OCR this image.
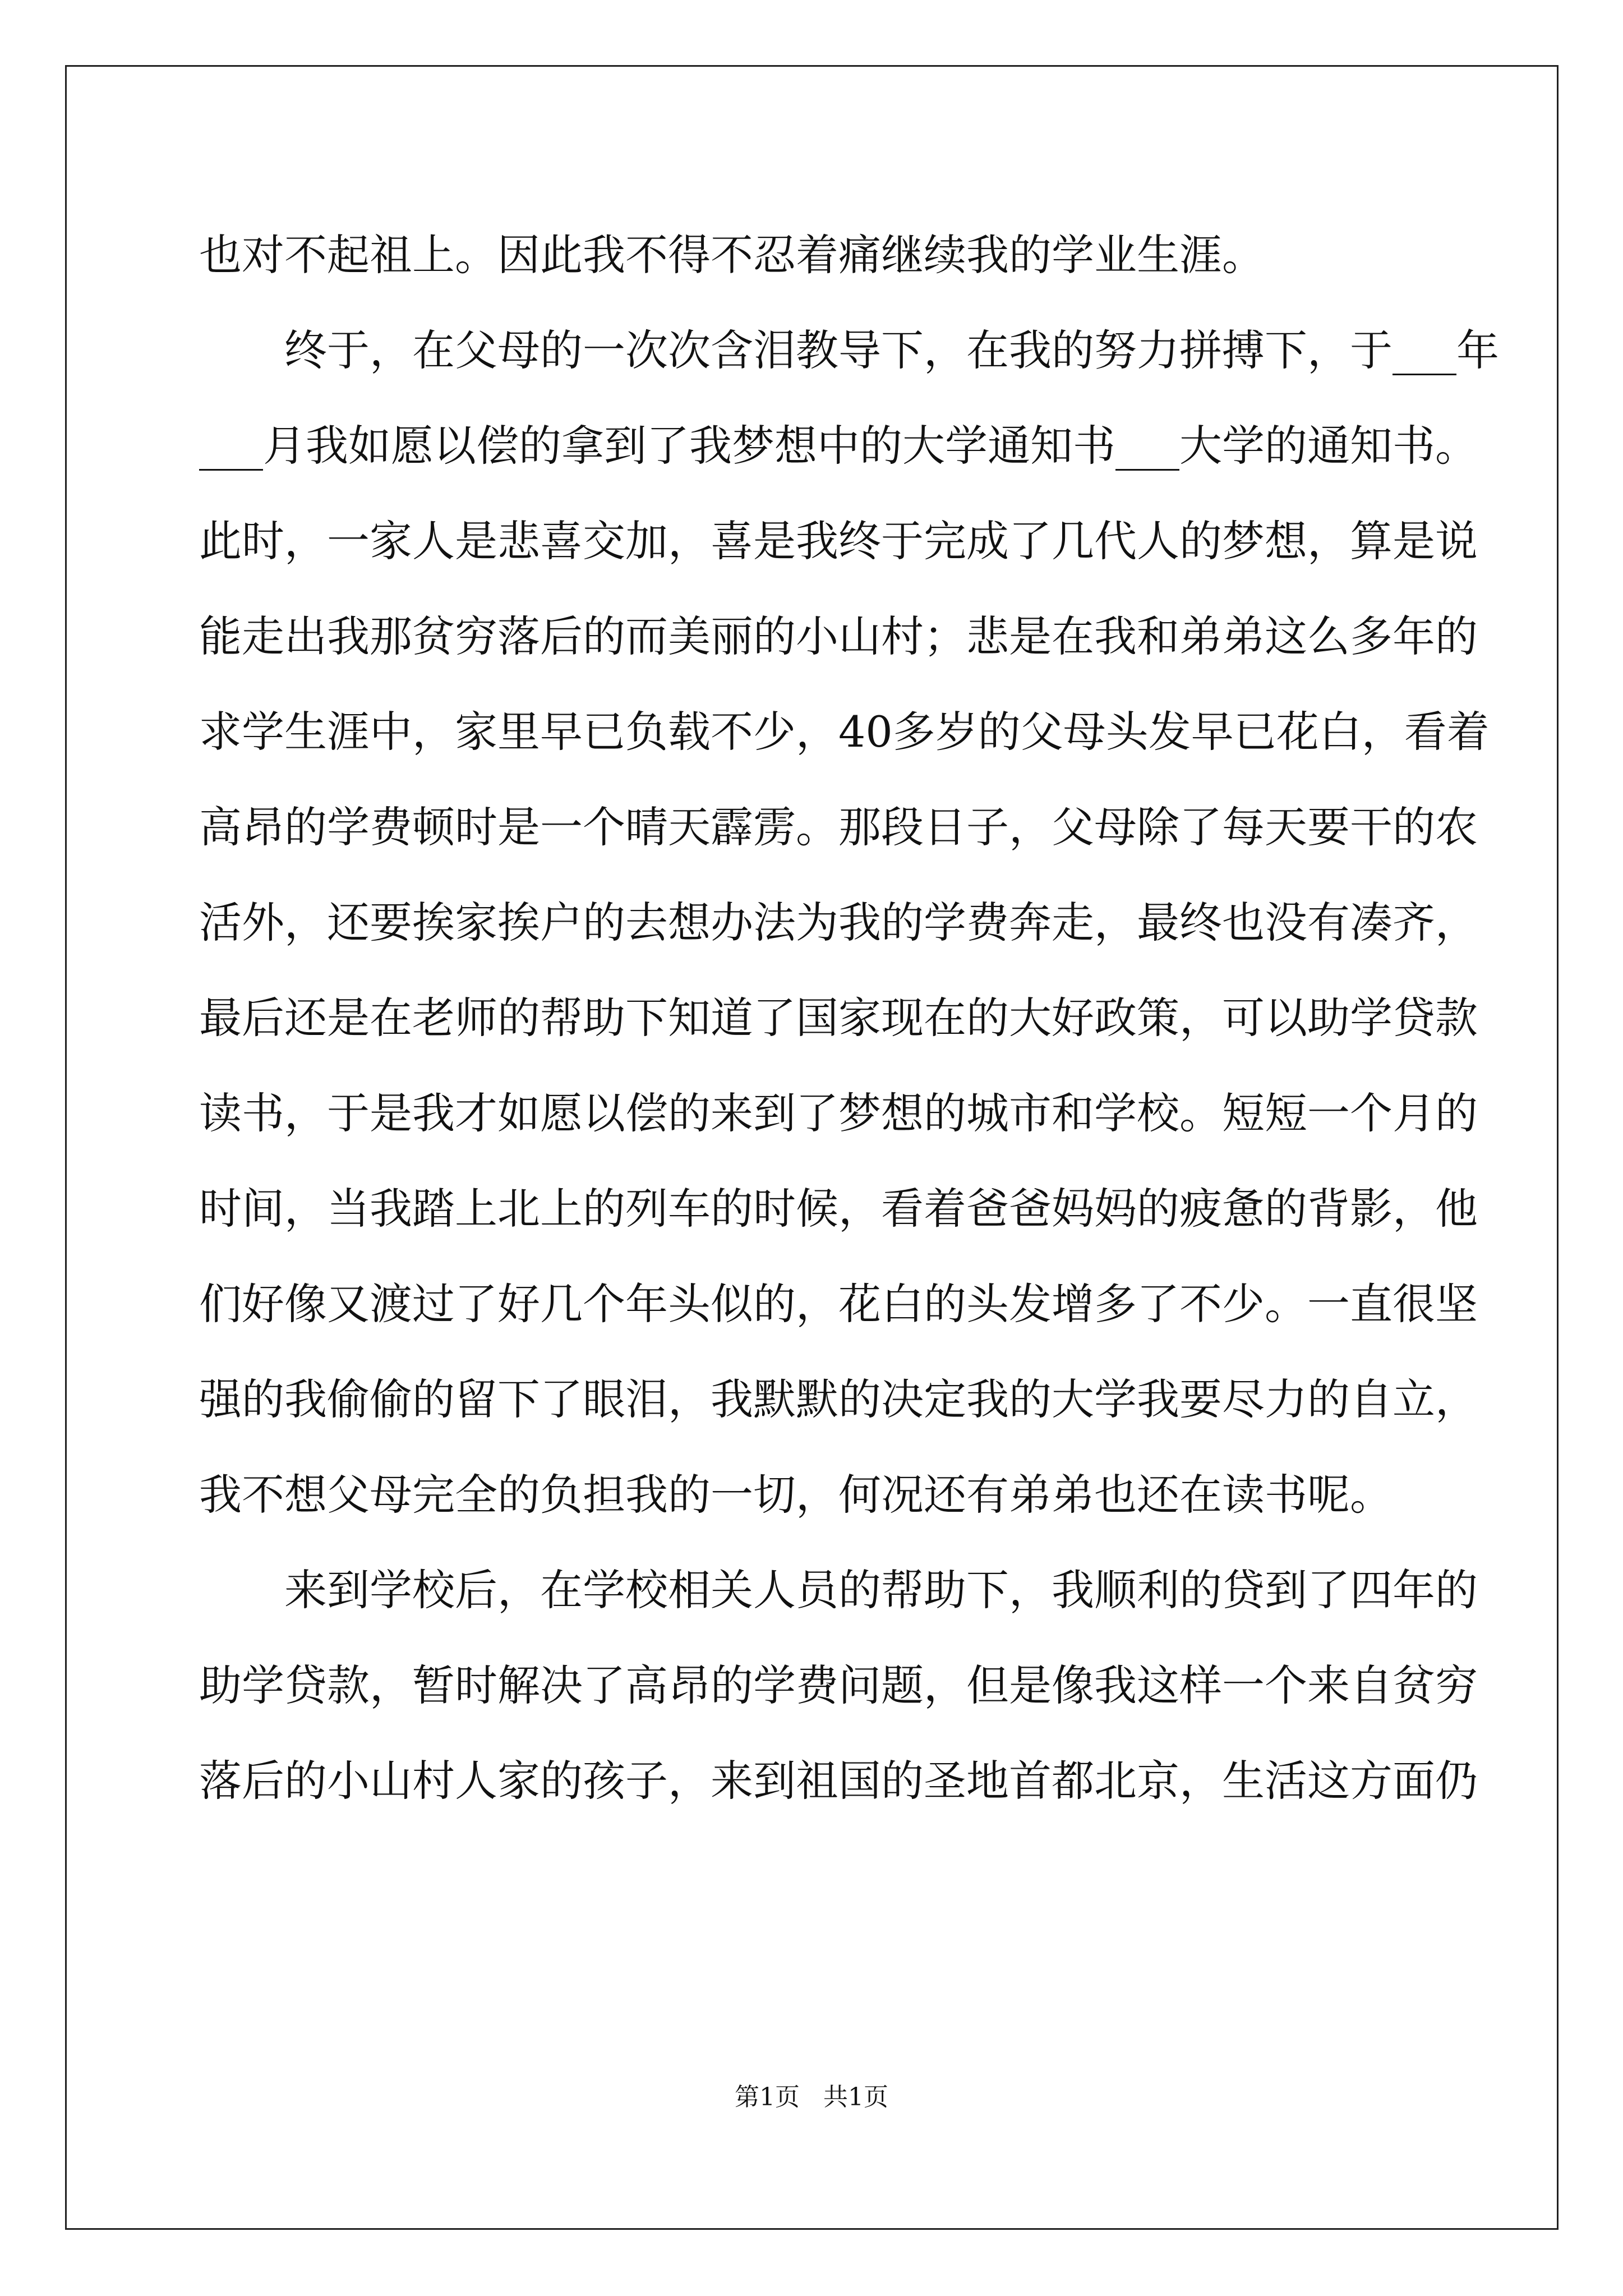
也对不起祖上。因此我不得不忍着痛继续我的学业生涯。
终于，在父母的一次次含泪教导下，在我的努力拼搏下，于___年
___月我如愿以偿的拿到了我梦想中的大学通知书___大学的通知书。
此时，一家人是悲喜交加，喜是我终于完成了几代人的梦想，算是说
能走出我那贫穷落后的而美丽的小山村；悲是在我和弟弟这么多年的
求学生涯中，家里早已负载不少，40多岁的父母头发早已花白，看着
高昂的学费顿时是一个晴天霹雳。那段日子，父母除了每天要干的农
活外，还要挨家挨户的去想办法为我的学费奔走，最终也没有凑齐，
最后还是在老师的帮助下知道了国家现在的大好政策，可以助学贷款
读书，于是我才如愿以偿的来到了梦想的城市和学校。短短一个月的
时间，当我踏上北上的列车的时候，看着爸爸妈妈的疲惫的背影，他
们好像又渡过了好几个年头似的，花白的头发增多了不少。一直很坚
强的我偷偷的留下了眼泪，我默默的决定我的大学我要尽力的自立，
我不想父母完全的负担我的一切，何况还有弟弟也还在读书呢。
来到学校后，在学校相关人员的帮助下，我顺利的贷到了四年的
助学贷款，暂时解决了高昂的学费问题，但是像我这样一个来自贫穷
落后的小山村人家的孩子，来到祖国的圣地首都北京，生活这方面仍
第1页   共1页
